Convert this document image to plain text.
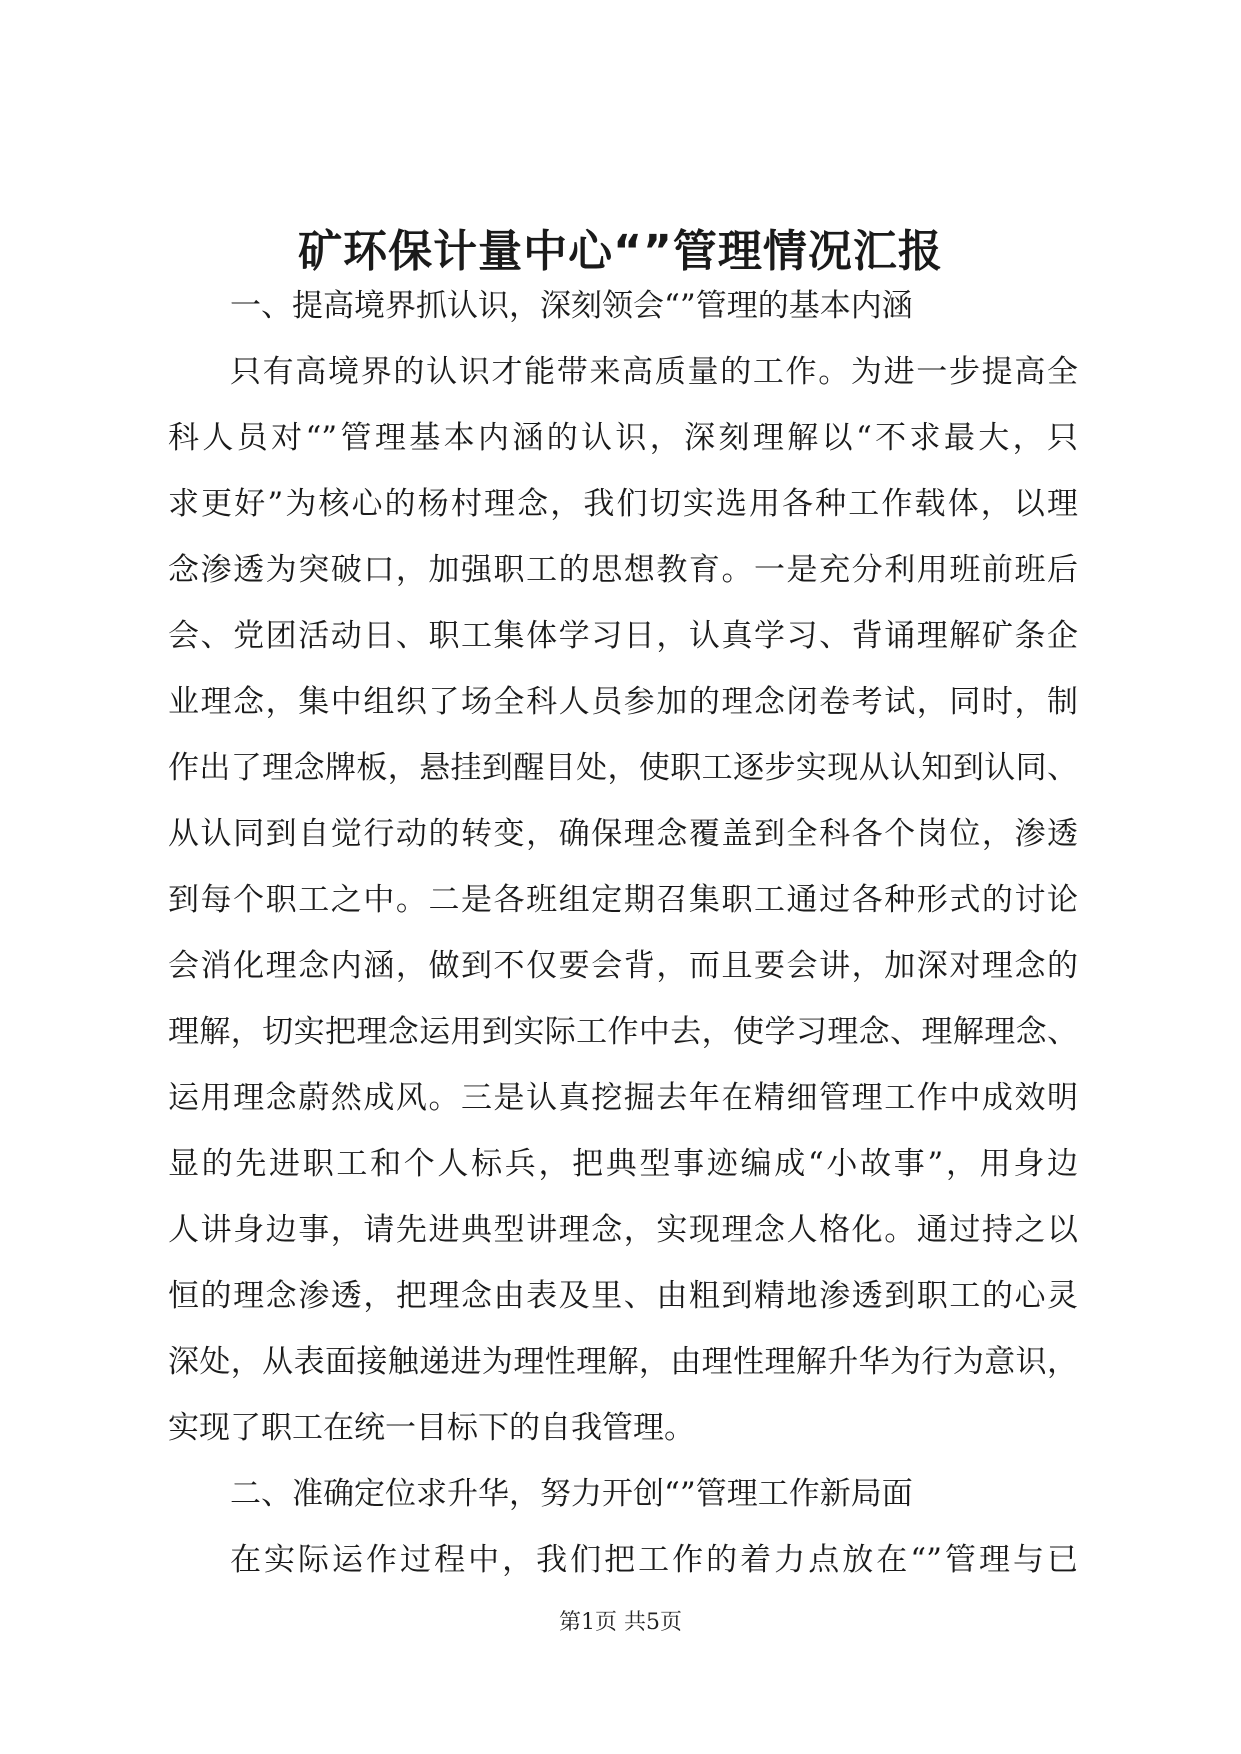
矿环保计量中心“”管理情况汇报

一、提高境界抓认识，深刻领会“”管理的基本内涵

只有高境界的认识才能带来高质量的工作。为进一步提高全

科人员对“”管理基本内涵的认识，深刻理解以“不求最大，只

求更好”为核心的杨村理念，我们切实选用各种工作载体，以理

念渗透为突破口，加强职工的思想教育。一是充分利用班前班后

会、党团活动日、职工集体学习日，认真学习、背诵理解矿条企

业理念，集中组织了场全科人员参加的理念闭卷考试，同时，制

作出了理念牌板，悬挂到醒目处，使职工逐步实现从认知到认同、

从认同到自觉行动的转变，确保理念覆盖到全科各个岗位，渗透

到每个职工之中。二是各班组定期召集职工通过各种形式的讨论

会消化理念内涵，做到不仅要会背，而且要会讲，加深对理念的

理解，切实把理念运用到实际工作中去，使学习理念、理解理念、

运用理念蔚然成风。三是认真挖掘去年在精细管理工作中成效明

显的先进职工和个人标兵，把典型事迹编成“小故事”，用身边

人讲身边事，请先进典型讲理念，实现理念人格化。通过持之以

恒的理念渗透，把理念由表及里、由粗到精地渗透到职工的心灵

深处，从表面接触递进为理性理解，由理性理解升华为行为意识，

实现了职工在统一目标下的自我管理。

二、准确定位求升华，努力开创“”管理工作新局面

在实际运作过程中，我们把工作的着力点放在“”管理与已

第1页 共5页
